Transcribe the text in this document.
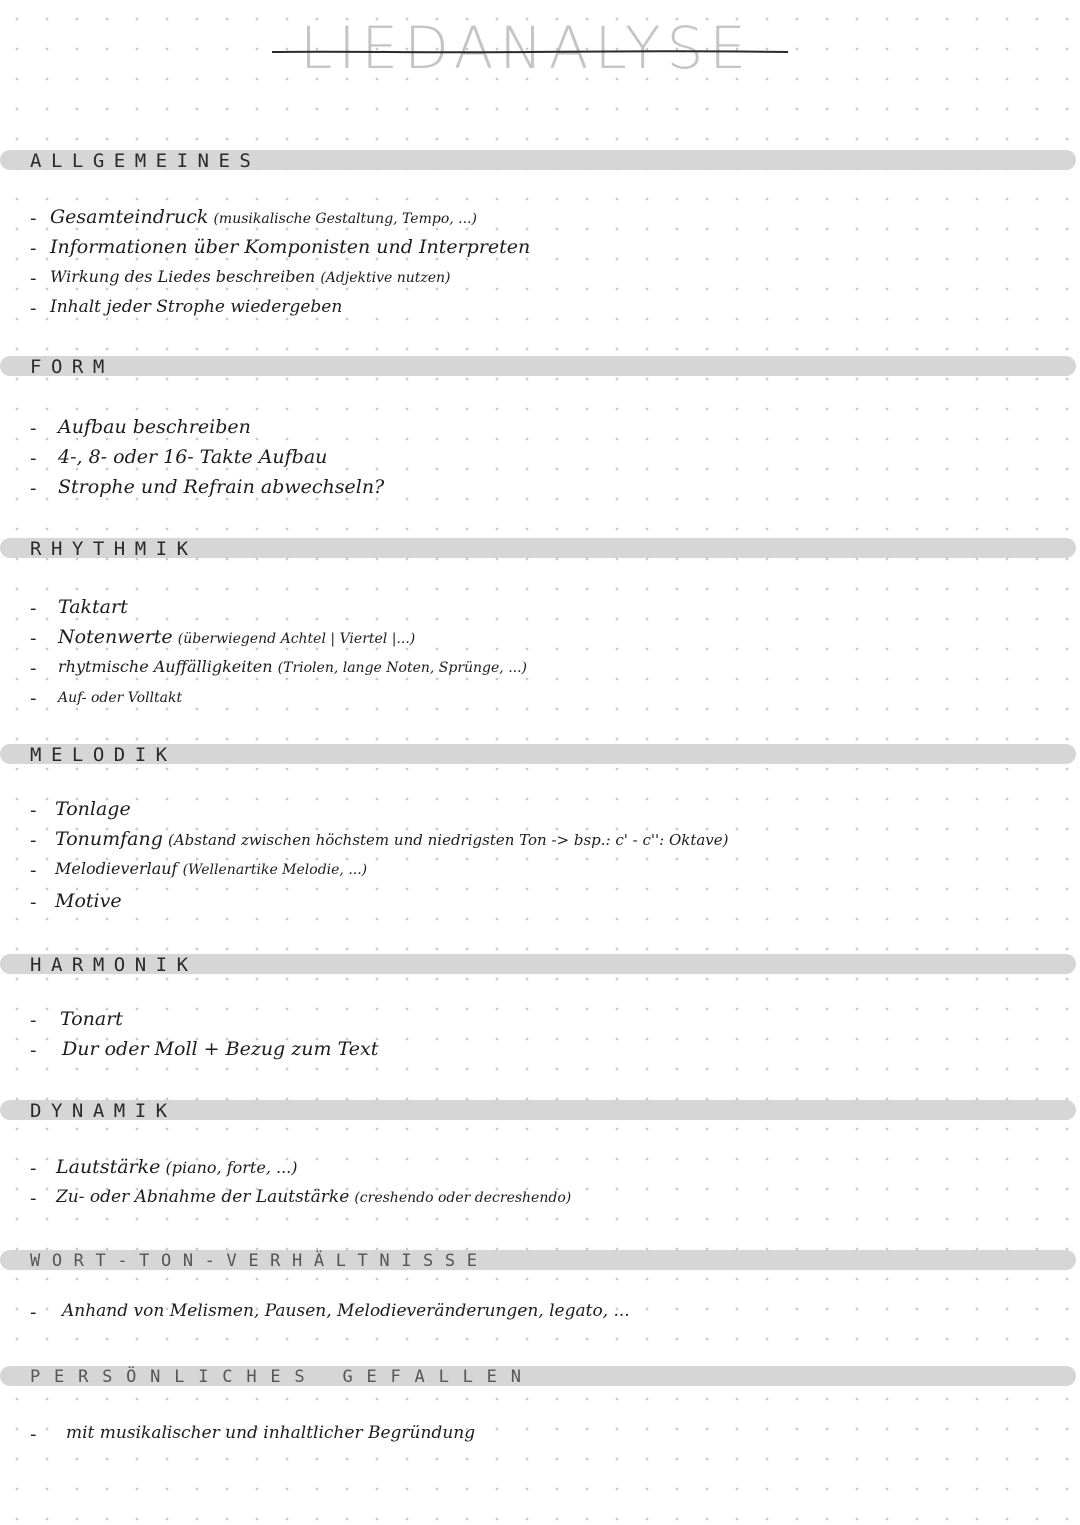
LIEDANALYSE
ALLGEMEINES
- Gesamteindruck (musikalische Gestaltung, Tempo, ...)
- Informationen über Komponisten und Interpreten
- Wirkung des Liedes beschreiben (Adjektive nutzen)
- Inhalt jeder Strophe wiedergeben
FORM
- Aufbau beschreiben
- 4-, 8- oder 16- Takte Aufbau
- Strophe und Refrain abwechseln?
RHYTHMIK
- Taktart
- Notenwerte (überwiegend Achtel | Viertel |...)
- rhytmische Auffälligkeiten (Triolen, lange Noten, Sprünge, ...)
- Auf- oder Volltakt
MELODIK
- Tonlage
- Tonumfang (Abstand zwischen höchstem und niedrigsten Ton -> bsp.: c' - c'': Oktave)
- Melodieverlauf (Wellenartike Melodie, ...)
- Motive
HARMONIK
- Tonart
- Dur oder Moll + Bezug zum Text
DYNAMIK
- Lautstärke (piano, forte, ...)
- Zu- oder Abnahme der Lautstärke (creshendo oder decreshendo)
WORT-TON-VERHÄLTNISSE
- Anhand von Melismen, Pausen, Melodieveränderungen, legato, ...
PERSÖNLICHES GEFALLEN
- mit musikalischer und inhaltlicher Begründung
